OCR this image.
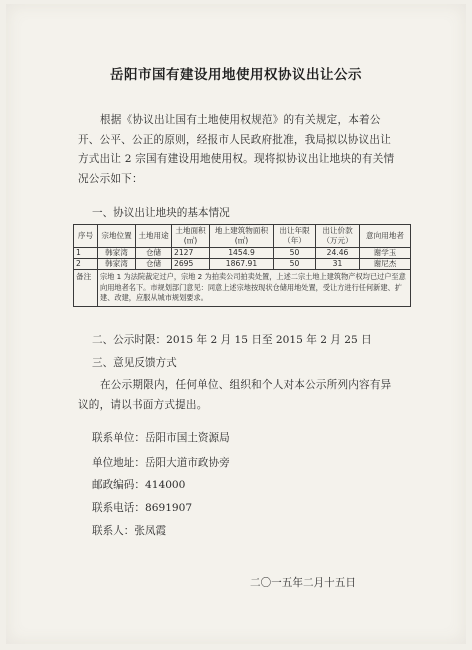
岳阳市国有建设用地使用权协议出让公示
根据《协议出让国有土地使用权规范》的有关规定，本着公开、公平、公正的原则，经报市人民政府批准，我局拟以协议出让方式出让 2 宗国有建设用地使用权。现将拟协议出让地块的有关情况公示如下：
一、协议出让地块的基本情况
序号	宗地位置	土地用途	土地面积(㎡)	地上建筑物面积(㎡)	出让年限（年）	出让价款（万元）	意向用地者
1	韩家湾	仓储	2127	1454.9	50	24.46	谢学玉
2	韩家湾	仓储	2695	1867.91	50	31	谢尼杰
备注	宗地 1 为法院裁定过户，宗地 2 为拍卖公司拍卖处置，上述二宗土地上建筑物产权均已过户至意向用地者名下。市规划部门意见：同意上述宗地按现状仓储用地处置，受让方进行任何新建、扩建、改建，应服从城市规划要求。						
二、公示时限：2015 年 2 月 15 日至 2015 年 2 月 25 日
三、意见反馈方式
在公示期限内，任何单位、组织和个人对本公示所列内容有异议的，请以书面方式提出。
联系单位：岳阳市国土资源局
单位地址：岳阳大道市政协旁
邮政编码：414000
联系电话：8691907
联系人：张凤霞
二〇一五年二月十五日
